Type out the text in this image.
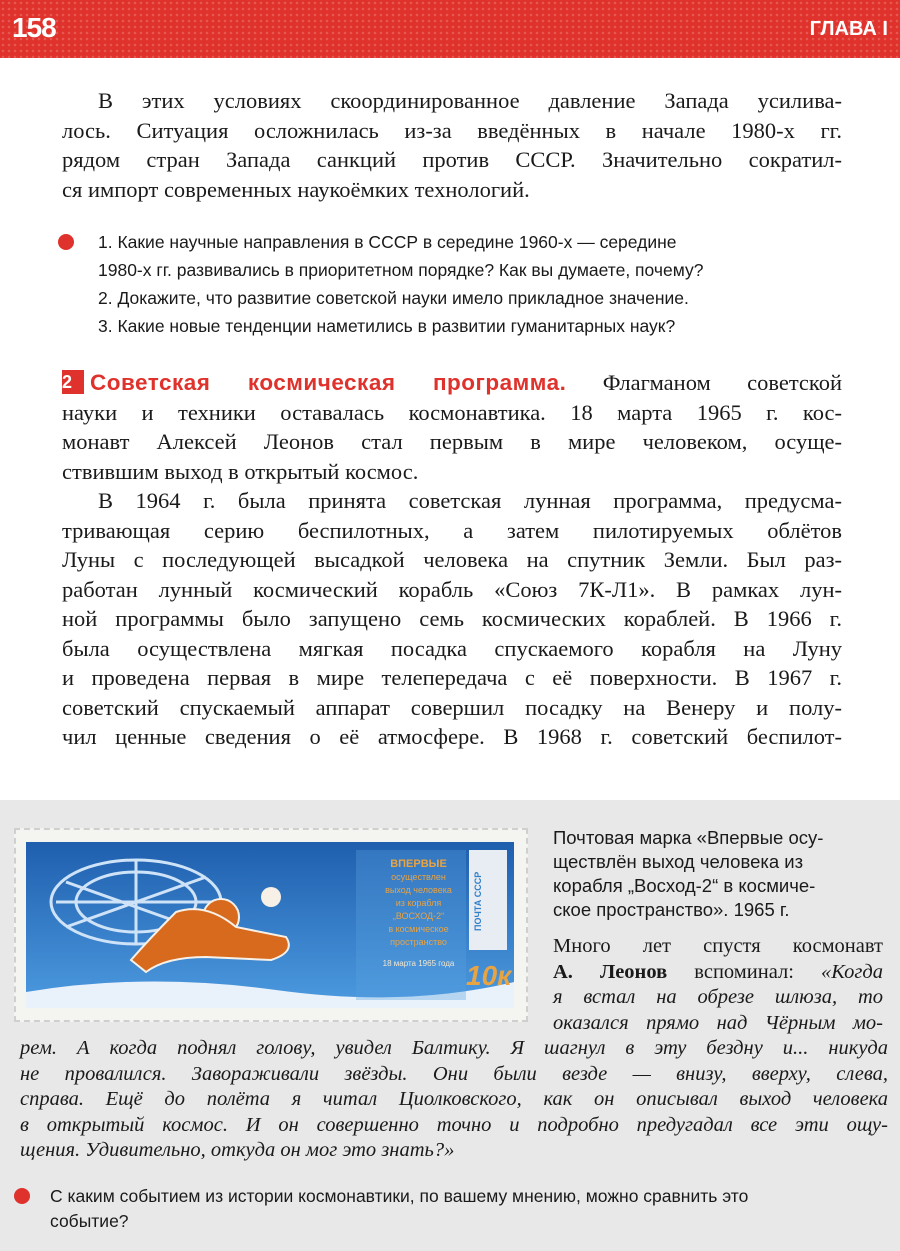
158	ГЛАВА I
В этих условиях скоординированное давление Запада усилива-
лось. Ситуация осложнилась из-за введённых в начале 1980-х гг.
рядом стран Запада санкций против СССР. Значительно сократил-
ся импорт современных наукоёмких технологий.
1. Какие научные направления в СССР в середине 1960-х — середине
1980-х гг. развивались в приоритетном порядке? Как вы думаете, почему?
2. Докажите, что развитие советской науки имело прикладное значение.
3. Какие новые тенденции наметились в развитии гуманитарных наук?
2 Советская космическая программа. Флагманом советской
науки и техники оставалась космонавтика. 18 марта 1965 г. кос-
монавт Алексей Леонов стал первым в мире человеком, осуще-
ствившим выход в открытый космос.
В 1964 г. была принята советская лунная программа, предусма-
тривающая серию беспилотных, а затем пилотируемых облётов
Луны с последующей высадкой человека на спутник Земли. Был раз-
работан лунный космический корабль «Союз 7К-Л1». В рамках лун-
ной программы было запущено семь космических кораблей. В 1966 г.
была осуществлена мягкая посадка спускаемого корабля на Луну
и проведена первая в мире телепередача с её поверхности. В 1967 г.
советский спускаемый аппарат совершил посадку на Венеру и полу-
чил ценные сведения о её атмосфере. В 1968 г. советский беспилот-
ВПЕРВЫЕ
осуществлен
выход человека
из корабля
„ВОСХОД-2“
в космическое
пространство
18 марта 1965 года
ПОЧТА СССР
10к
Почтовая марка «Впервые осу-
ществлён выход человека из
корабля „Восход-2“ в космиче-
ское пространство». 1965 г.
Много лет спустя космонавт
А. Леонов вспоминал: «Когда
я встал на обрезе шлюза, то
оказался прямо над Чёрным мо-
рем. А когда поднял голову, увидел Балтику. Я шагнул в эту бездну и... никуда
не провалился. Завораживали звёзды. Они были везде — внизу, вверху, слева,
справа. Ещё до полёта я читал Циолковского, как он описывал выход человека
в открытый космос. И он совершенно точно и подробно предугадал все эти ощу-
щения. Удивительно, откуда он мог это знать?»
С каким событием из истории космонавтики, по вашему мнению, можно сравнить это
событие?
